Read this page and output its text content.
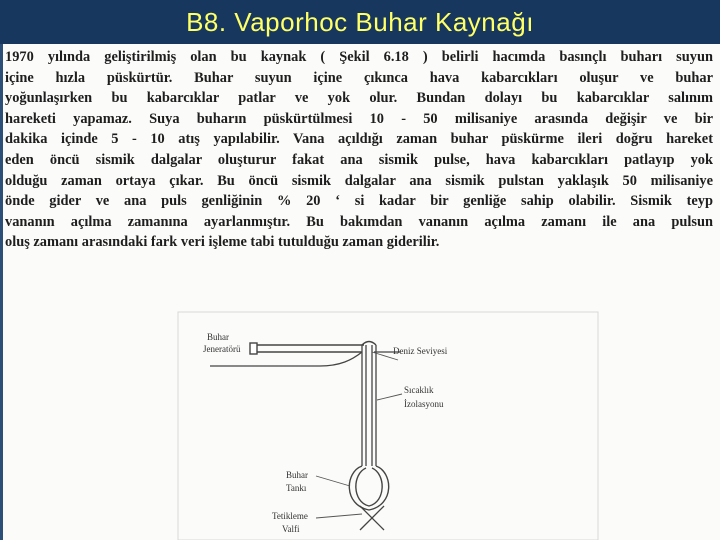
B8. Vaporhoc Buhar Kaynağı
1970 yılında geliştirilmiş olan bu kaynak ( Şekil 6.18 ) belirli hacımda basınçlı buharı suyun
içine hızla püskürtür. Buhar suyun içine çıkınca hava kabarcıkları oluşur ve buhar
yoğunlaşırken bu kabarcıklar patlar ve yok olur. Bundan dolayı bu kabarcıklar salınım
hareketi yapamaz. Suya buharın püskürtülmesi 10 - 50 milisaniye arasında değişir ve bir
dakika içinde 5 - 10 atış yapılabilir. Vana açıldığı zaman buhar püskürme ileri doğru hareket
eden öncü sismik dalgalar oluşturur fakat ana sismik pulse, hava kabarcıkları patlayıp yok
olduğu zaman ortaya çıkar. Bu öncü sismik dalgalar ana sismik pulstan yaklaşık 50 milisaniye
önde gider ve ana puls genliğinin % 20 ‘ si kadar bir genliğe sahip olabilir. Sismik teyp
vananın açılma zamanına ayarlanmıştır. Bu bakımdan vananın açılma zamanı ile ana pulsun
oluş zamanı arasındaki fark veri işleme tabi tutulduğu zaman giderilir.
Buhar
Jeneratörü	Deniz Seviyesi
Sıcaklık
İzolasyonu
Buhar
Tankı
Tetikleme
Valfi
